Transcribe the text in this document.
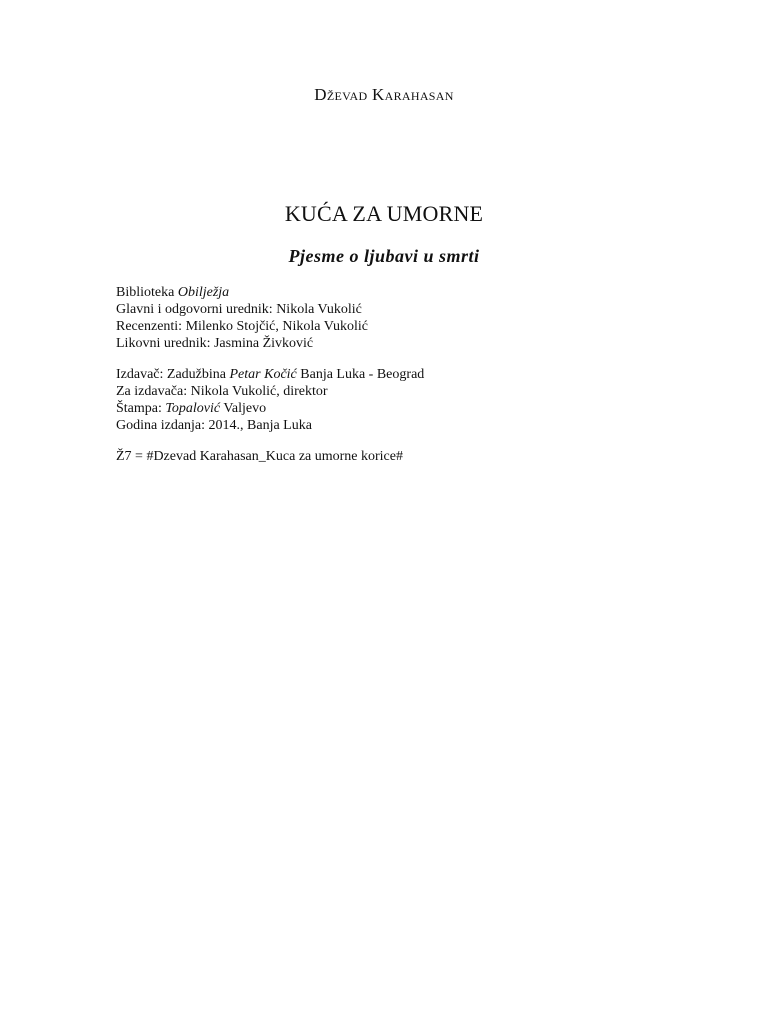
Dževad Karahasan
KUĆA ZA UMORNE
Pjesme o ljubavi u smrti
Biblioteka Obilježja
Glavni i odgovorni urednik: Nikola Vukolić
Recenzenti: Milenko Stojčić, Nikola Vukolić
Likovni urednik: Jasmina Živković
Izdavač: Zadužbina Petar Kočić Banja Luka - Beograd
Za izdavača: Nikola Vukolić, direktor
Štampa: Topalović Valjevo
Godina izdanja: 2014., Banja Luka
Ž7 = #Dzevad Karahasan_Kuca za umorne korice#
